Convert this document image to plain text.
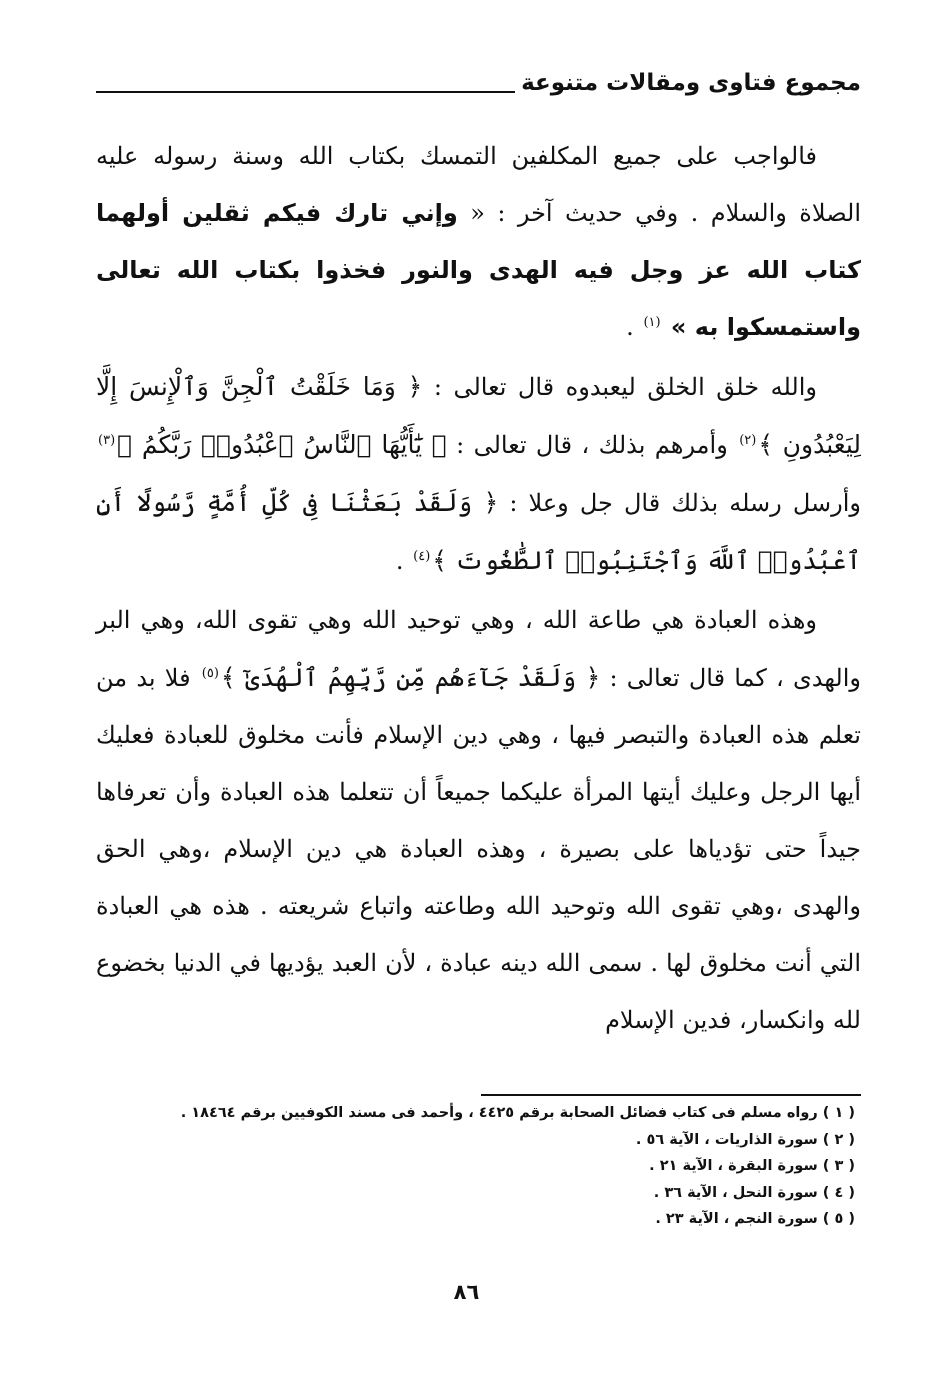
مجموع فتاوى ومقالات متنوعة

فالواجب على جميع المكلفين التمسك بكتاب الله وسنة رسوله عليه الصلاة والسلام . وفي حديث آخر : « وإني تارك فيكم ثقلين أولهما كتاب الله عز وجل فيه الهدى والنور فخذوا بكتاب الله تعالى واستمسكوا به » $^{(١)}$ .

والله خلق الخلق ليعبدوه قال تعالى : ﴿ وَمَا خَلَقْتُ ٱلْجِنَّ وَٱلْإِنسَ إِلَّا لِيَعْبُدُونِ ﴾$^{(٢)}$ وأمرهم بذلك ، قال تعالى : ﴿ يَٰٓأَيُّهَا ٱلنَّاسُ ٱعْبُدُوا۟ رَبَّكُمُ ﴾$^{(٣)}$ وأرسل رسله بذلك قال جل وعلا : ﴿ وَلَقَدْ بَعَثْنَا فِى كُلِّ أُمَّةٍ رَّسُولًا أَنِ ٱعْبُدُوا۟ ٱللَّهَ وَٱجْتَنِبُوا۟ ٱلطَّٰغُوتَ ﴾$^{(٤)}$ .

وهذه العبادة هي طاعة الله ، وهي توحيد الله وهي تقوى الله، وهي البر والهدى ، كما قال تعالى : ﴿ وَلَقَدْ جَآءَهُم مِّن رَّبِّهِمُ ٱلْهُدَىٰٓ ﴾$^{(٥)}$ فلا بد من تعلم هذه العبادة والتبصر فيها ، وهي دين الإسلام فأنت مخلوق للعبادة فعليك أيها الرجل وعليك أيتها المرأة عليكما جميعاً أن تتعلما هذه العبادة وأن تعرفاها جيداً حتى تؤدياها على بصيرة ، وهذه العبادة هي دين الإسلام ،وهي الحق والهدى ،وهي تقوى الله وتوحيد الله وطاعته واتباع شريعته . هذه هي العبادة التي أنت مخلوق لها . سمى الله دينه عبادة ، لأن العبد يؤديها في الدنيا بخضوع لله وانكسار، فدين الإسلام

( ١ ) رواه مسلم فى كتاب فضائل الصحابة برقم ٤٤٢٥ ، وأحمد فى مسند الكوفيين برقم ١٨٤٦٤ .
( ٢ ) سورة الذاريات ، الآية ٥٦ .
( ٣ ) سورة البقرة ، الآية ٢١ .
( ٤ ) سورة النحل ، الآية ٣٦ .
( ٥ ) سورة النجم ، الآية ٢٣ .
٨٦
